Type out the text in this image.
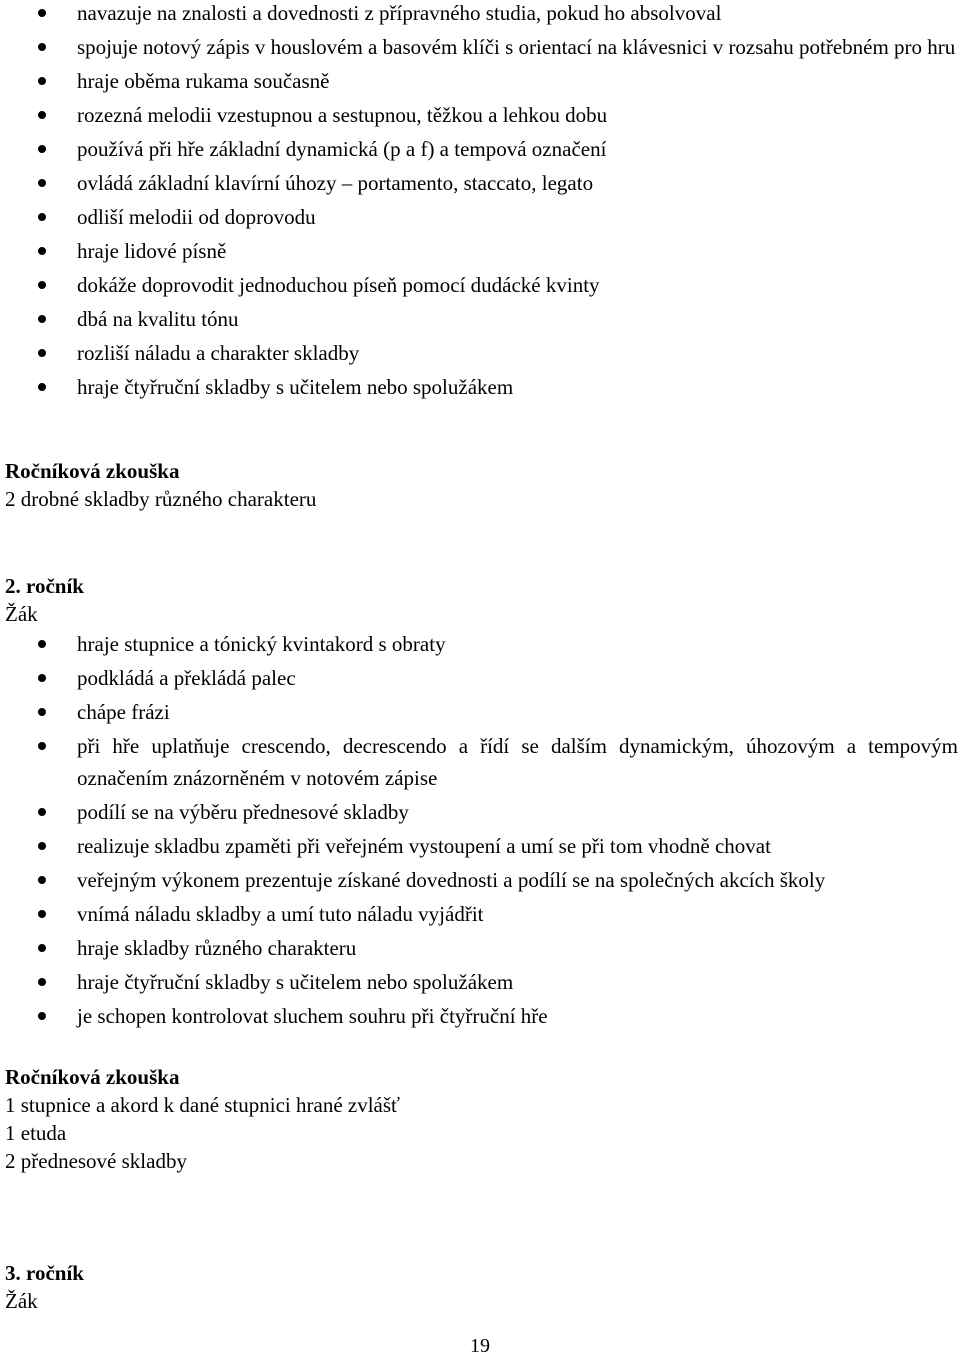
navazuje na znalosti a dovednosti z přípravného studia, pokud ho absolvoval
spojuje notový zápis v houslovém a basovém klíči s orientací na klávesnici v rozsahu potřebném pro hru
hraje oběma rukama současně
rozezná melodii vzestupnou a sestupnou, těžkou a lehkou dobu
používá při hře základní dynamická (p a f) a tempová označení
ovládá základní klavírní úhozy – portamento, staccato, legato
odliší melodii od doprovodu
hraje lidové písně
dokáže doprovodit jednoduchou píseň pomocí dudácké kvinty
dbá na kvalitu tónu
rozliší náladu a charakter skladby
hraje čtyřruční skladby s učitelem nebo spolužákem
Ročníková zkouška
2 drobné skladby různého charakteru
2. ročník
Žák
hraje stupnice a tónický kvintakord s obraty
podkládá a překládá palec
chápe frázi
při hře uplatňuje crescendo, decrescendo a řídí se dalším dynamickým, úhozovým a tempovým označením znázorněném v notovém zápise
podílí se na výběru přednesové skladby
realizuje skladbu zpaměti při veřejném vystoupení a umí se při tom vhodně chovat
veřejným výkonem prezentuje získané dovednosti a podílí se na společných akcích školy
vnímá náladu skladby a umí tuto náladu vyjádřit
hraje skladby různého charakteru
hraje čtyřruční skladby s učitelem nebo spolužákem
je schopen kontrolovat sluchem souhru při čtyřruční hře
Ročníková zkouška
1 stupnice a akord k dané stupnici hrané zvlášť
1 etuda
2 přednesové skladby
3. ročník
Žák
19
